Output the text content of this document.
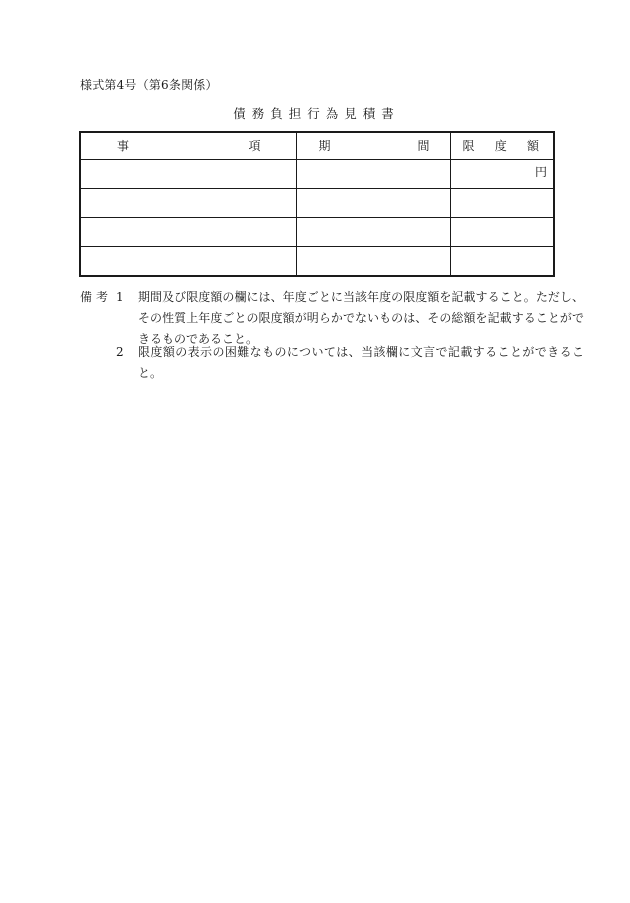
様式第4号（第6条関係）
債務負担行為見積書
事 項	期 間	限 度 額

		円

備考 1 期間及び限度額の欄には、年度ごとに当該年度の限度額を記載すること。ただし、その性質上年度ごとの限度額が明らかでないものは、その総額を記載することができるものであること。
2 限度額の表示の困難なものについては、当該欄に文言で記載することができること。
